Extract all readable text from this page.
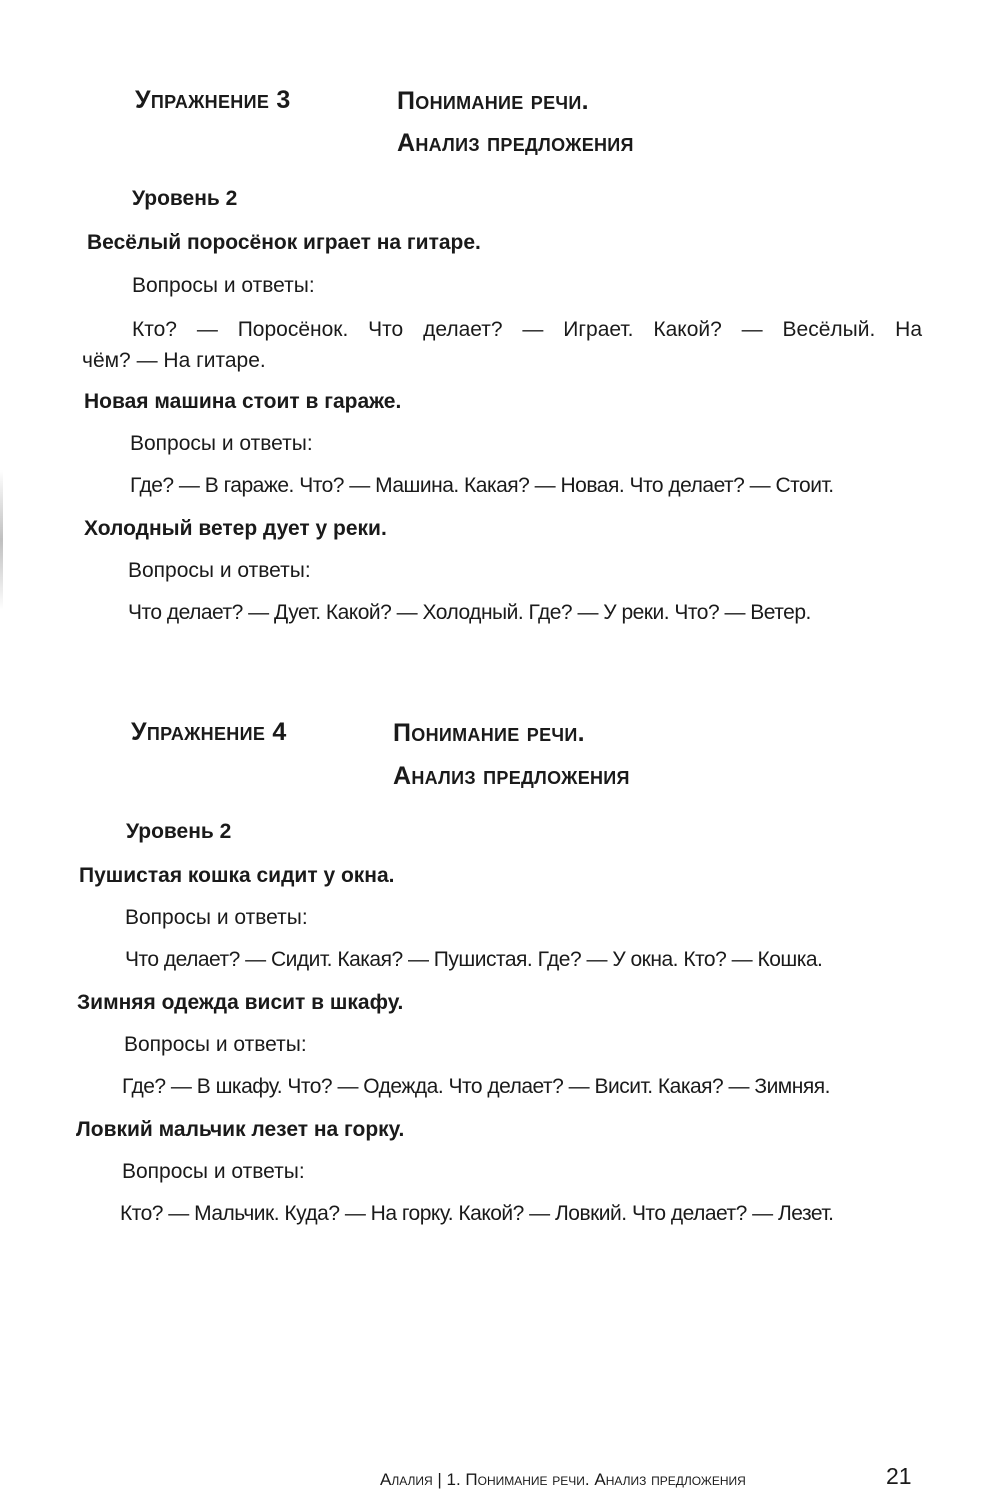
Упражнение 3	Понимание речи.
Анализ предложения
Уровень 2
Весёлый поросёнок играет на гитаре.
Вопросы и ответы:
Кто? — Поросёнок. Что делает? — Играет. Какой? — Весёлый. На
чём? — На гитаре.
Новая машина стоит в гараже.
Вопросы и ответы:
Где? — В гараже. Что? — Машина. Какая? — Новая. Что делает? — Стоит.
Холодный ветер дует у реки.
Вопросы и ответы:
Что делает? — Дует. Какой? — Холодный. Где? — У реки. Что? — Ветер.
Упражнение 4	Понимание речи.
Анализ предложения
Уровень 2
Пушистая кошка сидит у окна.
Вопросы и ответы:
Что делает? — Сидит. Какая? — Пушистая. Где? — У окна. Кто? — Кошка.
Зимняя одежда висит в шкафу.
Вопросы и ответы:
Где? — В шкафу. Что? — Одежда. Что делает? — Висит. Какая? — Зимняя.
Ловкий мальчик лезет на горку.
Вопросы и ответы:
Кто? — Мальчик. Куда? — На горку. Какой? — Ловкий. Что делает? — Лезет.
Алалия | 1. Понимание речи. Анализ предложения	21
